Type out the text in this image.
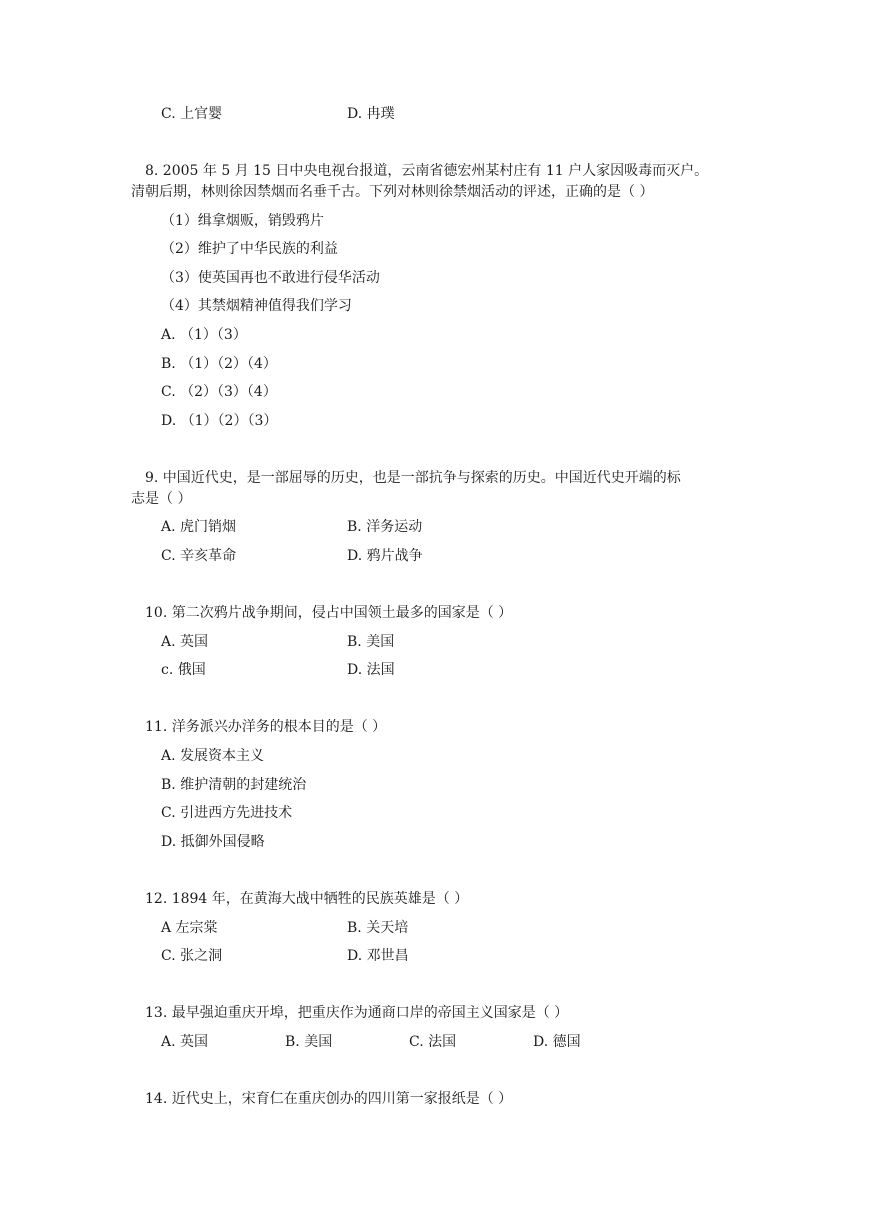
C. 上官婴	D. 冉璞
8. 2005 年 5 月 15 日中央电视台报道，云南省德宏州某村庄有 11 户人家因吸毒而灭户。
清朝后期，林则徐因禁烟而名垂千古。下列对林则徐禁烟活动的评述，正确的是（ ）
（1）缉拿烟贩，销毁鸦片
（2）维护了中华民族的利益
（3）使英国再也不敢进行侵华活动
（4）其禁烟精神值得我们学习
A. （1）（3）
B. （1）（2）（4）
C. （2）（3）（4）
D. （1）（2）（3）
9. 中国近代史，是一部屈辱的历史，也是一部抗争与探索的历史。中国近代史开端的标
志是（ ）
A. 虎门销烟	B. 洋务运动
C. 辛亥革命	D. 鸦片战争
10. 第二次鸦片战争期间，侵占中国领土最多的国家是（ ）
A. 英国	B. 美国
c. 俄国	D. 法国
11. 洋务派兴办洋务的根本目的是（ ）
A. 发展资本主义
B. 维护清朝的封建统治
C. 引进西方先进技术
D. 抵御外国侵略
12. 1894 年，在黄海大战中牺牲的民族英雄是（ ）
A 左宗棠	B. 关天培
C. 张之洞	D. 邓世昌
13. 最早强迫重庆开埠，把重庆作为通商口岸的帝国主义国家是（ ）
A. 英国	B. 美国	C. 法国	D. 德国
14. 近代史上，宋育仁在重庆创办的四川第一家报纸是（ ）
